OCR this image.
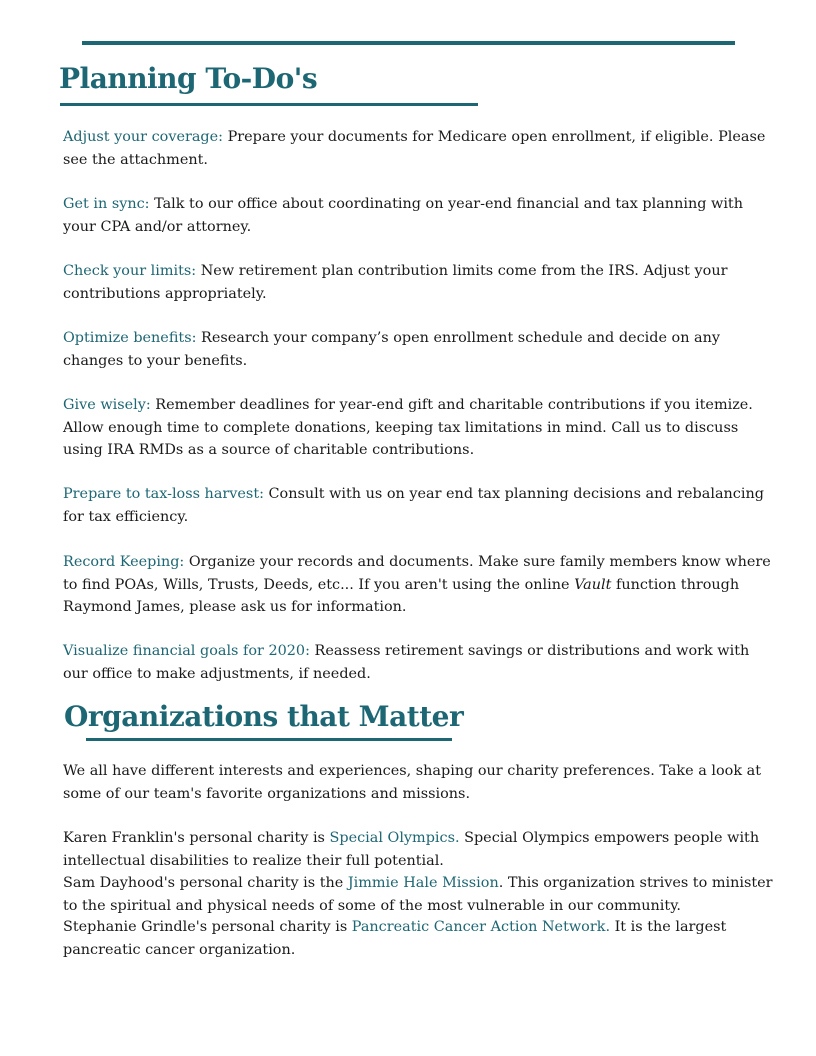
Planning To-Do's

Adjust your coverage: Prepare your documents for Medicare open enrollment, if eligible. Please see the attachment.

Get in sync: Talk to our office about coordinating on year-end financial and tax planning with your CPA and/or attorney.

Check your limits: New retirement plan contribution limits come from the IRS. Adjust your contributions appropriately.

Optimize benefits: Research your company’s open enrollment schedule and decide on any changes to your benefits.

Give wisely: Remember deadlines for year-end gift and charitable contributions if you itemize. Allow enough time to complete donations, keeping tax limitations in mind. Call us to discuss using IRA RMDs as a source of charitable contributions.

Prepare to tax-loss harvest: Consult with us on year end tax planning decisions and rebalancing for tax efficiency.

Record Keeping: Organize your records and documents. Make sure family members know where to find POAs, Wills, Trusts, Deeds, etc... If you aren't using the online Vault function through Raymond James, please ask us for information.

Visualize financial goals for 2020: Reassess retirement savings or distributions and work with our office to make adjustments, if needed.

Organizations that Matter

We all have different interests and experiences, shaping our charity preferences. Take a look at some of our team's favorite organizations and missions.

Karen Franklin's personal charity is Special Olympics. Special Olympics empowers people with intellectual disabilities to realize their full potential.

Sam Dayhood's personal charity is the Jimmie Hale Mission. This organization strives to minister to the spiritual and physical needs of some of the most vulnerable in our community.

Stephanie Grindle's personal charity is Pancreatic Cancer Action Network. It is the largest pancreatic cancer organization.
